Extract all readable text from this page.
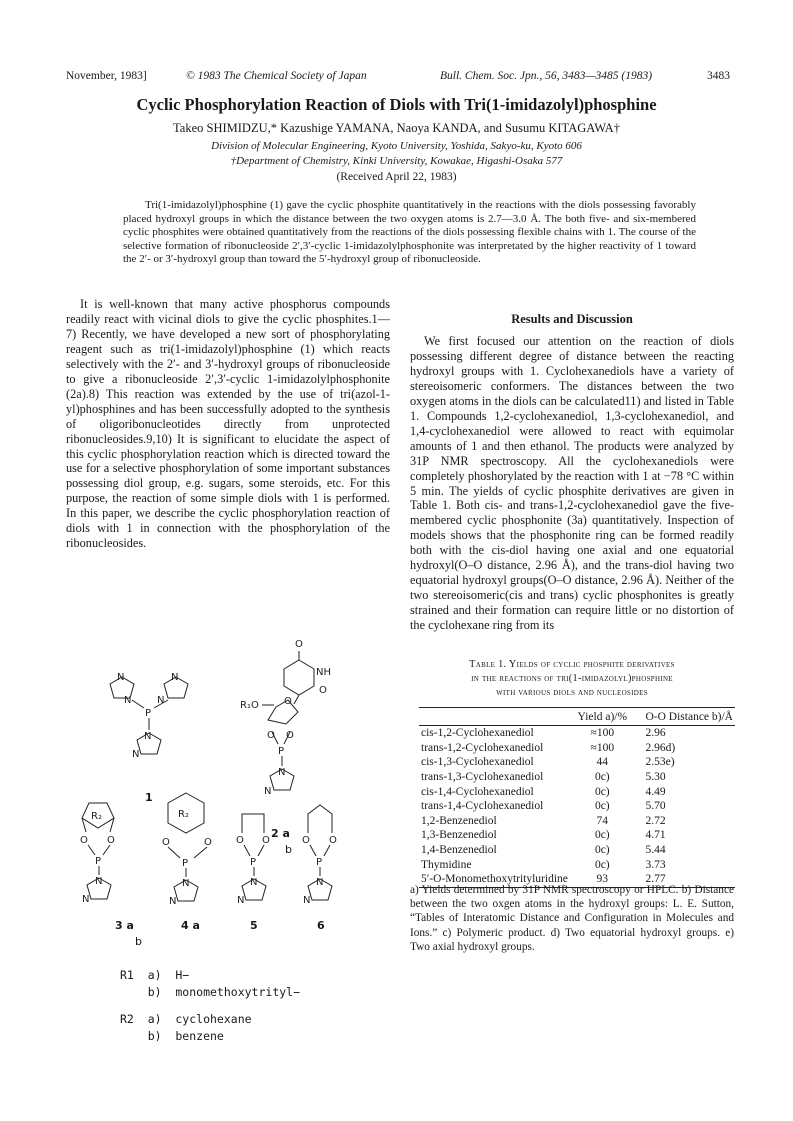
November, 1983]	© 1983 The Chemical Society of Japan	Bull. Chem. Soc. Jpn., 56, 3483—3485 (1983)	3483
Cyclic Phosphorylation Reaction of Diols with Tri(1-imidazolyl)phosphine
Takeo SHIMIDZU,* Kazushige YAMANA, Naoya KANDA, and Susumu KITAGAWA†
Division of Molecular Engineering, Kyoto University, Yoshida, Sakyo-ku, Kyoto 606
†Department of Chemistry, Kinki University, Kowakae, Higashi-Osaka 577
(Received April 22, 1983)
Tri(1-imidazolyl)phosphine (1) gave the cyclic phosphite quantitatively in the reactions with the diols possessing favorably placed hydroxyl groups in which the distance between the two oxygen atoms is 2.7—3.0 Å. The both five- and six-membered cyclic phosphites were obtained quantitatively from the reactions of the diols possessing flexible chains with 1. The course of the selective formation of ribonucleoside 2′,3′-cyclic 1-imidazolylphosphonite was interpretated by the higher reactivity of 1 toward the 2′- or 3′-hydroxyl group than toward the 5′-hydroxyl group of ribonucleoside.
It is well-known that many active phosphorus compounds readily react with vicinal diols to give the cyclic phosphites.1—7) Recently, we have developed a new sort of phosphorylating reagent such as tri(1-imidazolyl)phosphine (1) which reacts selectively with the 2′- and 3′-hydroxyl groups of ribonucleoside to give a ribonucleoside 2′,3′-cyclic 1-imidazolylphosphonite (2a).8) This reaction was extended by the use of tri(azol-1-yl)phosphines and has been successfully adopted to the synthesis of oligoribonucleotides directly from unprotected ribonucleosides.9,10) It is significant to elucidate the aspect of this cyclic phosphorylation reaction which is directed toward the use for a selective phosphorylation of some important substances possessing diol group, e.g. sugars, some steroids, etc. For this purpose, the reaction of some simple diols with 1 is performed. In this paper, we describe the cyclic phosphorylation reaction of diols with 1 in connection with the phosphorylation of the ribonucleosides.
Results and Discussion
We first focused our attention on the reaction of diols possessing different degree of distance between the reacting hydroxyl groups with 1. Cyclohexanediols have a variety of stereoisomeric conformers. The distances between the two oxygen atoms in the diols can be calculated11) and listed in Table 1. Compounds 1,2-cyclohexanediol, 1,3-cyclohexanediol, and 1,4-cyclohexanediol were allowed to react with equimolar amounts of 1 and then ethanol. The products were analyzed by 31P NMR spectroscopy. All the cyclohexanediols were completely phoshorylated by the reaction with 1 at −78 °C within 5 min. The yields of cyclic phosphite derivatives are given in Table 1. Both cis- and trans-1,2-cyclohexanediol gave the five-membered cyclic phosphonite (3a) quantitatively. Inspection of models shows that the phosphonite ring can be formed readily both with the cis-diol having one axial and one equatorial hydroxyl(O–O distance, 2.96 Å), and the trans-diol having two equatorial hydroxyl groups(O–O distance, 2.96 Å). Neither of the two stereoisomeric(cis and trans) cyclic phosphonites is greatly strained and their formation can require little or no distortion of the cyclohexane ring from its
Table 1. Yields of cyclic phosphite derivatives
in the reactions of tri(1-imidazolyl)phosphine
with various diols and nucleosides
	Yield a)/%	O-O Distance b)/Å
cis-1,2-Cyclohexanediol	≈100	2.96
trans-1,2-Cyclohexanediol	≈100	2.96d)
cis-1,3-Cyclohexanediol	44	2.53e)
trans-1,3-Cyclohexanediol	0c)	5.30
cis-1,4-Cyclohexanediol	0c)	4.49
trans-1,4-Cyclohexanediol	0c)	5.70
1,2-Benzenediol	74	2.72
1,3-Benzenediol	0c)	4.71
1,4-Benzenediol	0c)	5.44
Thymidine	0c)	3.73
5′-O-Monomethoxytrityluridine	93	2.77
a) Yields determined by 31P NMR spectroscopy or HPLC. b) Distance between the two oxgen atoms in the hydroxyl groups: L. E. Sutton, “Tables of Interatomic Distance and Configuration in Molecules and Ions.” c) Polymeric product. d) Two equatorial hydroxyl groups. e) Two axial hydroxyl groups.
N
N
N
N
P
N
N
O
NH
O
R₁O	O
O O
P
N
N
R₂
O O
P
N
N
R₂
O	O
P
N
N
O O
P
N
N
O O
P
N
N
1
2 a
b
3 a
b
4 a	5	6
R1  a)  H−
b)  monomethoxytrityl−
R2  a)  cyclohexane
b)  benzene
